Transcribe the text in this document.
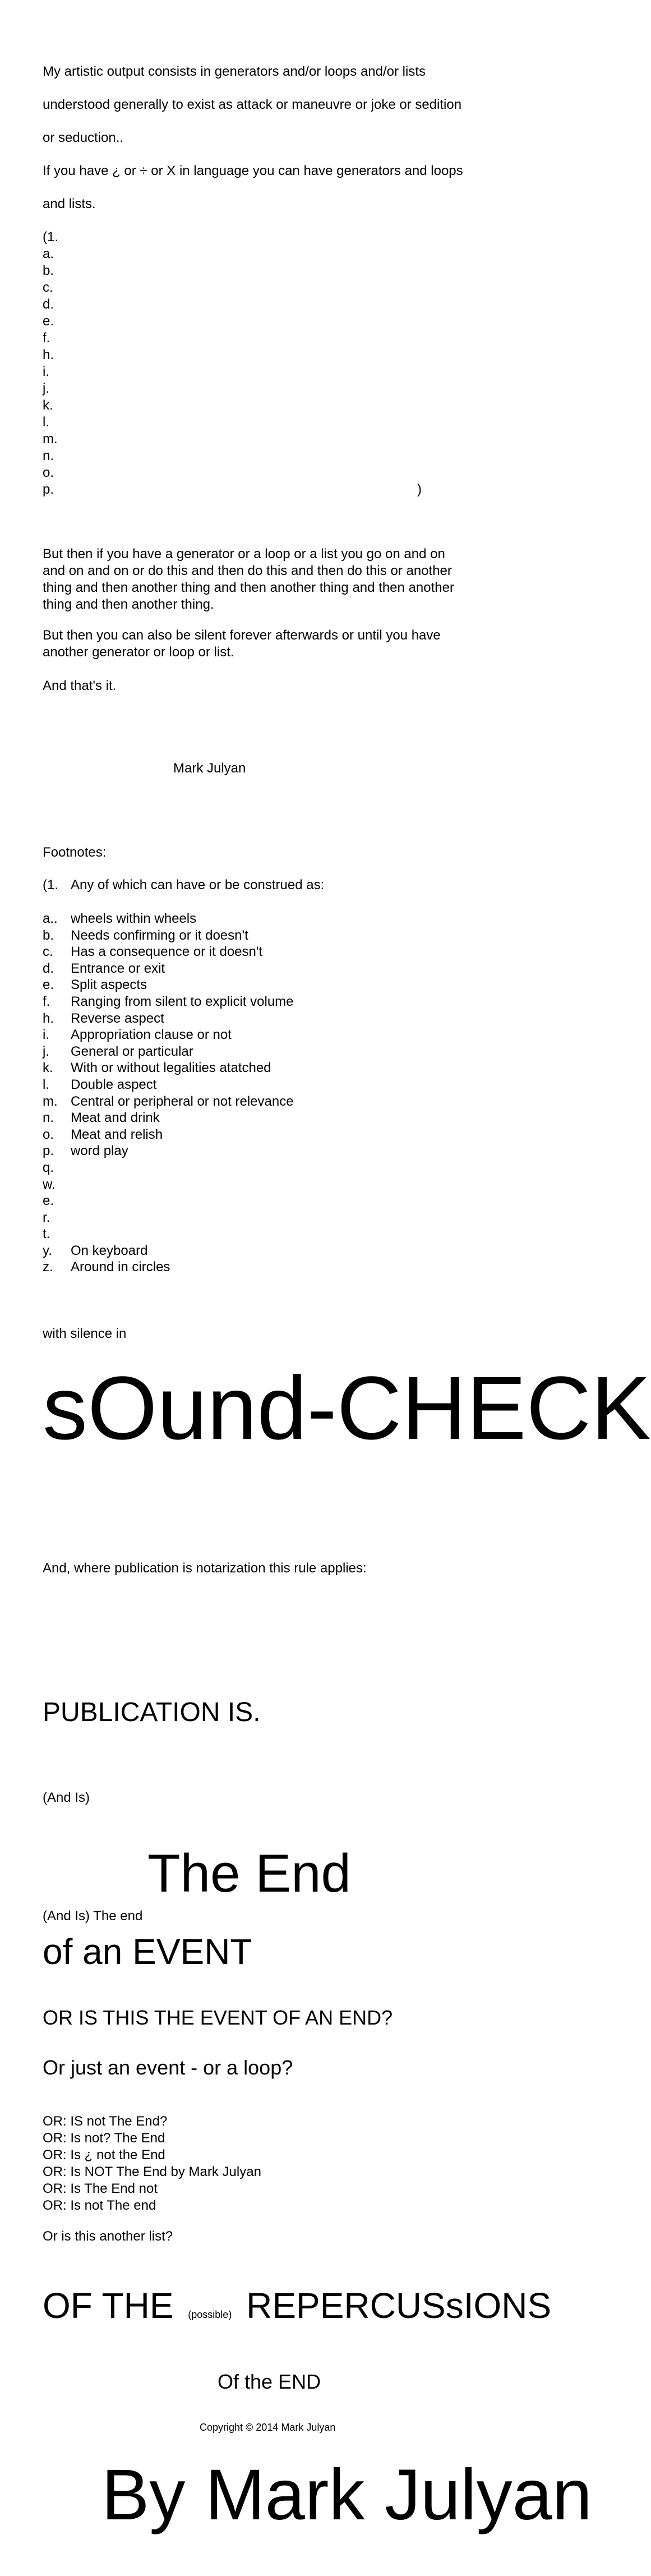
My artistic output consists in generators and/or loops and/or lists
understood generally to exist as attack or maneuvre or joke or sedition
or seduction..
If you have ¿ or ÷ or X in language you can have generators and loops
and lists.
(1.
a.
b.
c.
d.
e.
f.
h.
i.
j.
k.
l.
m.
n.
o.
p.	)
But then if you have a generator or a loop or a list you go on and on and on and on or do this and then do this and then do this or another thing and then another thing and then another thing and then another thing and then another thing.
But then you can also be silent forever afterwards or until you have another generator or loop or list.
And that's it.
Mark Julyan
Footnotes:
(1. Any of which can have or be construed as:
a.. wheels within wheels
b. Needs confirming or it doesn't
c. Has a consequence or it doesn't
d. Entrance or exit
e. Split aspects
f. Ranging from silent to explicit volume
h. Reverse aspect
i. Appropriation clause or not
j. General or particular
k. With or without legalities atatched
l. Double aspect
m. Central or peripheral or not relevance
n. Meat and drink
o. Meat and relish
p. word play
q.
w.
e.
r.
t.
y. On keyboard
z. Around in circles
with silence in
sOund-CHECK
And, where publication is notarization this rule applies:
PUBLICATION IS.
(And Is)
The End
(And Is) The end
of an EVENT
OR IS THIS THE EVENT OF AN END?
Or just an event - or a loop?
OR: IS not The End?
OR: Is not? The End
OR: Is ¿ not the End
OR: Is NOT The End by Mark Julyan
OR: Is The End not
OR: Is not The end
Or is this another list?
OF THE (possible) REPERCUSsIONS
Of the END
Copyright © 2014 Mark Julyan
By Mark Julyan
